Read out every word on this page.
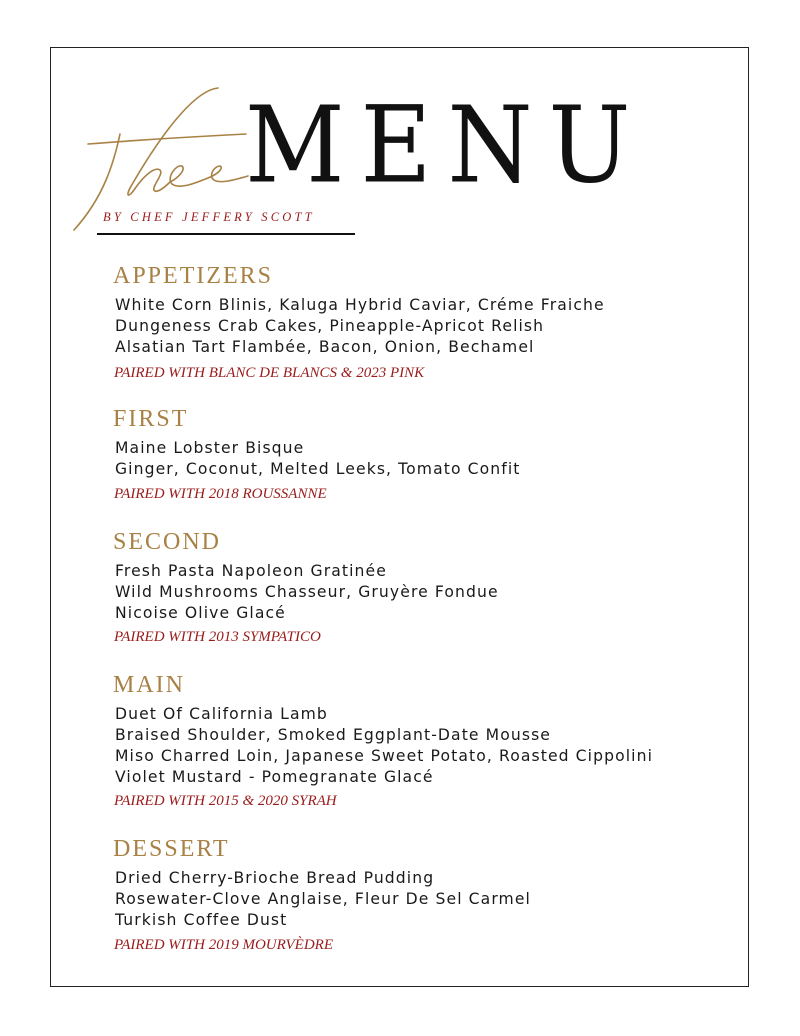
MENU
BY CHEF JEFFERY SCOTT
APPETIZERS
White Corn Blinis, Kaluga Hybrid Caviar, Créme Fraiche
Dungeness Crab Cakes, Pineapple-Apricot Relish
Alsatian Tart Flambée, Bacon, Onion, Bechamel
PAIRED WITH BLANC DE BLANCS & 2023 PINK
FIRST
Maine Lobster Bisque
Ginger, Coconut, Melted Leeks, Tomato Confit
PAIRED WITH 2018 ROUSSANNE
SECOND
Fresh Pasta Napoleon Gratinée
Wild Mushrooms Chasseur, Gruyère Fondue
Nicoise Olive Glacé
PAIRED WITH 2013 SYMPATICO
MAIN
Duet Of California Lamb
Braised Shoulder, Smoked Eggplant-Date Mousse
Miso Charred Loin, Japanese Sweet Potato, Roasted Cippolini
Violet Mustard - Pomegranate Glacé
PAIRED WITH 2015 & 2020 SYRAH
DESSERT
Dried Cherry-Brioche Bread Pudding
Rosewater-Clove Anglaise, Fleur De Sel Carmel
Turkish Coffee Dust
PAIRED WITH 2019 MOURVÈDRE
